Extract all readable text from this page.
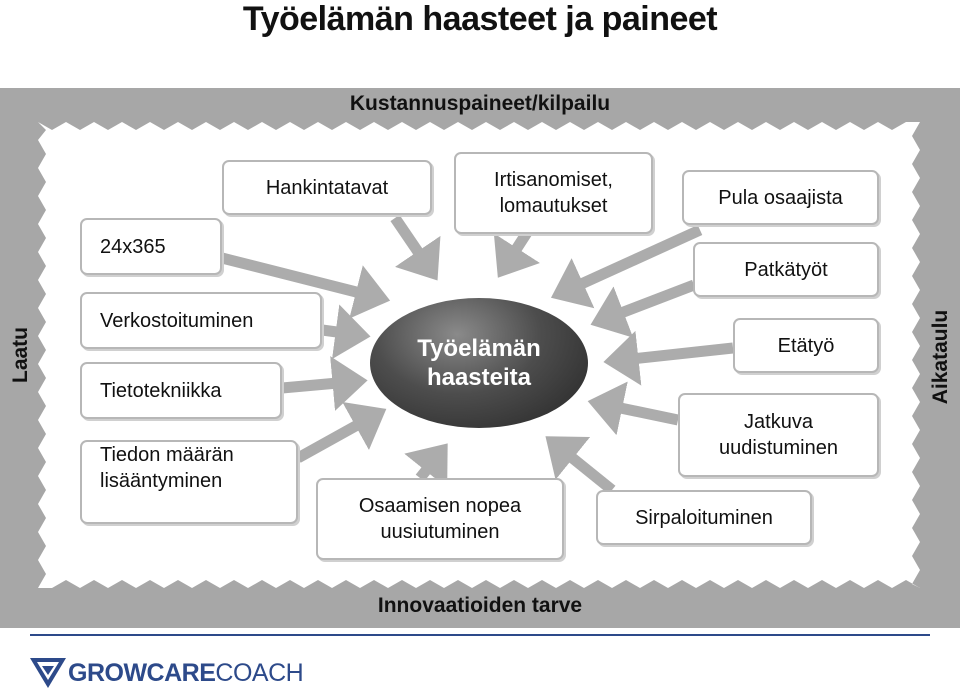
Työelämän haasteet ja paineet
Kustannuspaineet/kilpailu
Innovaatioiden tarve
Laatu	Aikataulu
Hankintatavat	Irtisanomiset,
lomautukset	Pula osaajista
24x365
Patkätyöt
Verkostoituminen
Etätyö
Tietotekniikka
Jatkuva
uudistuminen
Tiedon määrän
lisääntyminen
Osaamisen nopea
uusiutuminen
Sirpaloituminen
Työelämän
haasteita
GROWCARECOACH
